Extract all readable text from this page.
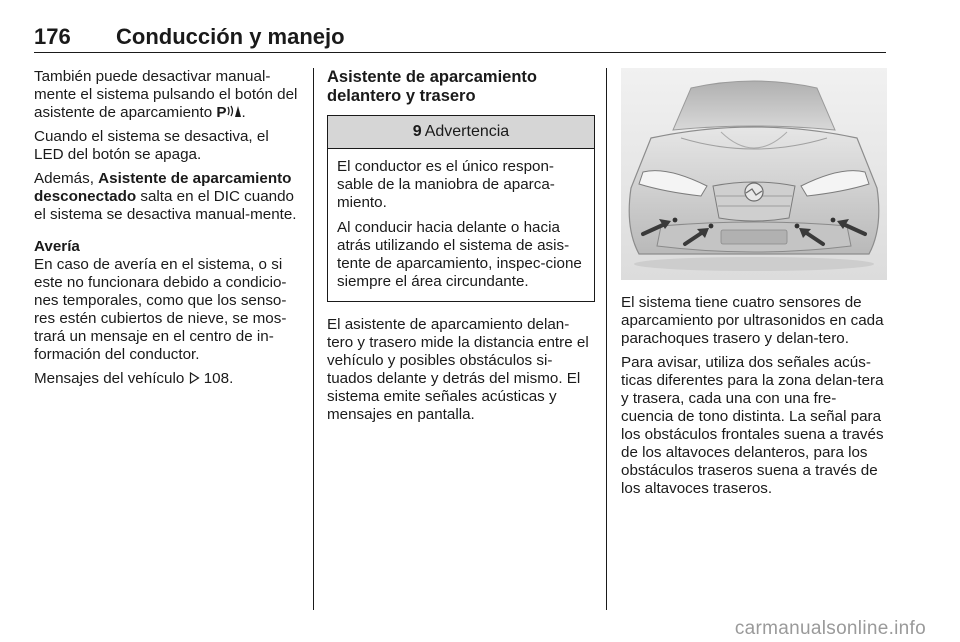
176 Conducción y manejo

También puede desactivar manual-mente el sistema pulsando el botón del asistente de aparcamiento P .

Cuando el sistema se desactiva, el LED del botón se apaga.

Además, Asistente de aparcamiento desconectado salta en el DIC cuando el sistema se desactiva manual-mente.

Avería

En caso de avería en el sistema, o si este no funcionara debido a condicio-nes temporales, como que los senso-res estén cubiertos de nieve, se mos-trará un mensaje en el centro de in-formación del conductor.

Mensajes del vehículo  108.

Asistente de aparcamiento delantero y trasero
9 Advertencia

El conductor es el único respon-sable de la maniobra de aparca-miento.

Al conducir hacia delante o hacia atrás utilizando el sistema de asis-tente de aparcamiento, inspec-cione siempre el área circundante.

El asistente de aparcamiento delan-tero y trasero mide la distancia entre el vehículo y posibles obstáculos si-tuados delante y detrás del mismo. El sistema emite señales acústicas y mensajes en pantalla.

El sistema tiene cuatro sensores de aparcamiento por ultrasonidos en cada parachoques trasero y delan-tero.

Para avisar, utiliza dos señales acús-ticas diferentes para la zona delan-tera y trasera, cada una con una fre-cuencia de tono distinta. La señal para los obstáculos frontales suena a través de los altavoces delanteros, para los obstáculos traseros suena a través de los altavoces traseros.

carmanualsonline.info
